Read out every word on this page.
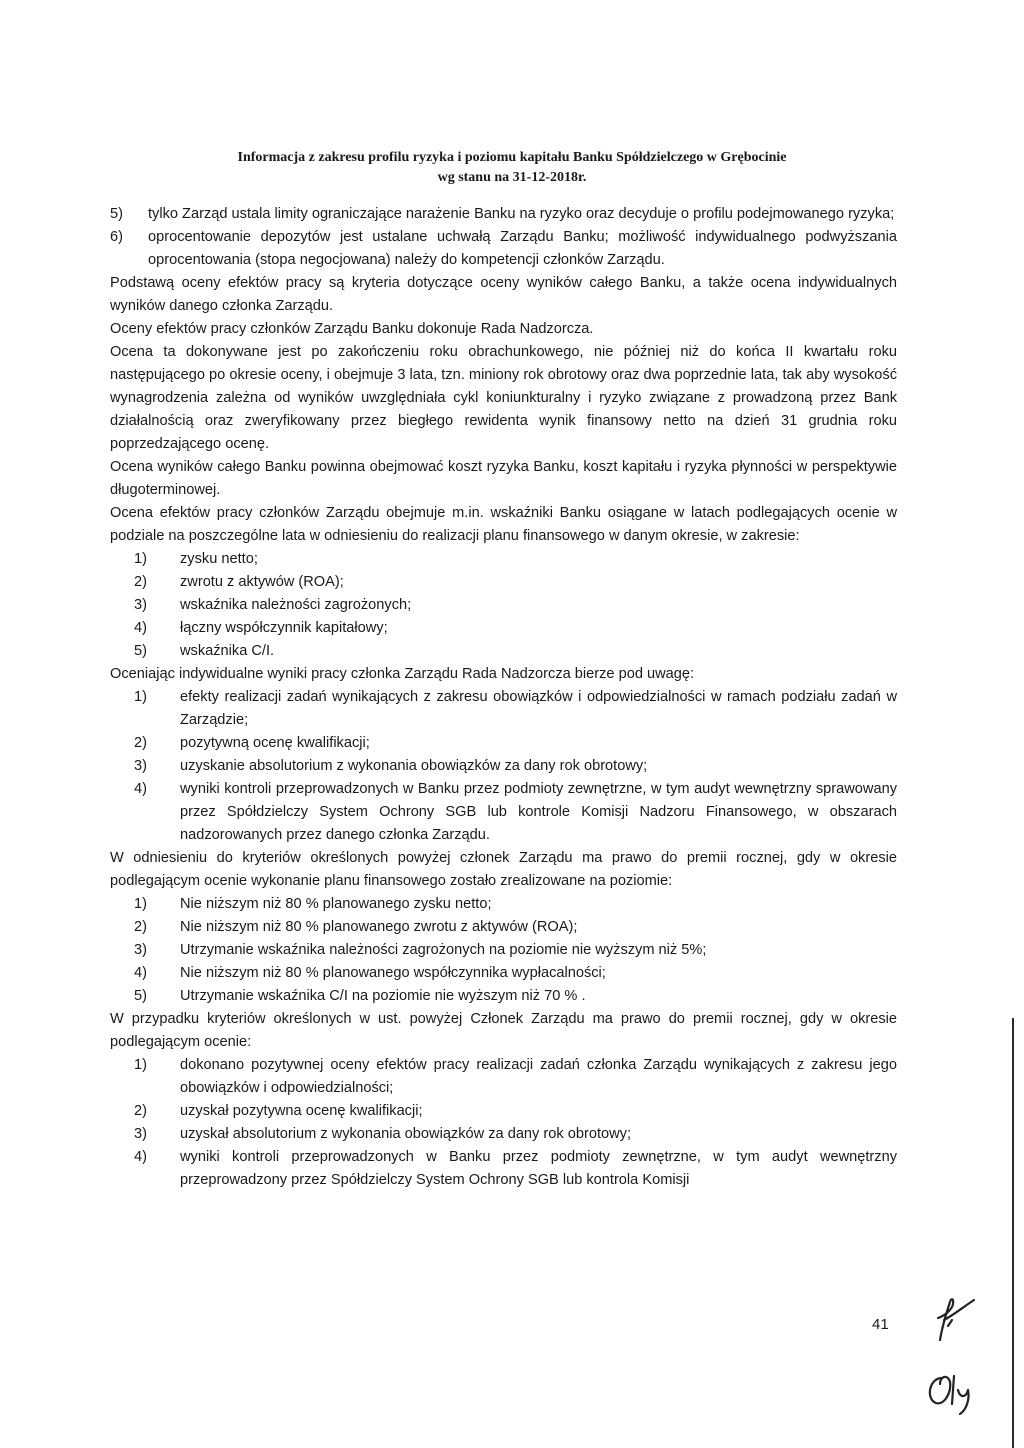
Informacja z zakresu profilu ryzyka i poziomu kapitału Banku Spółdzielczego w Grębocinie
wg stanu na 31-12-2018r.
5) tylko Zarząd ustala limity ograniczające narażenie Banku na ryzyko oraz decyduje o profilu podejmowanego ryzyka;
6) oprocentowanie depozytów jest ustalane uchwałą Zarządu Banku; możliwość indywidualnego podwyższania oprocentowania (stopa negocjowana) należy do kompetencji członków Zarządu.

Podstawą oceny efektów pracy są kryteria dotyczące oceny wyników całego Banku, a także ocena indywidualnych wyników danego członka Zarządu.

Oceny efektów pracy członków Zarządu Banku dokonuje Rada Nadzorcza.

Ocena ta dokonywane jest po zakończeniu roku obrachunkowego, nie później niż do końca II kwartału roku następującego po okresie oceny, i obejmuje 3 lata, tzn. miniony rok obrotowy oraz dwa poprzednie lata, tak aby wysokość wynagrodzenia zależna od wyników uwzględniała cykl koniunkturalny i ryzyko związane z prowadzoną przez Bank działalnością oraz zweryfikowany przez biegłego rewidenta wynik finansowy netto na dzień 31 grudnia roku poprzedzającego ocenę.

Ocena wyników całego Banku powinna obejmować koszt ryzyka Banku, koszt kapitału i ryzyka płynności w perspektywie długoterminowej.

Ocena efektów pracy członków Zarządu obejmuje m.in. wskaźniki Banku osiągane w latach podlegających ocenie w podziale na poszczególne lata w odniesieniu do realizacji planu finansowego w danym okresie, w zakresie:

1) zysku netto;
2) zwrotu z aktywów (ROA);
3) wskaźnika należności zagrożonych;
4) łączny współczynnik kapitałowy;
5) wskaźnika C/I.

Oceniając indywidualne wyniki pracy członka Zarządu Rada Nadzorcza bierze pod uwagę:

1) efekty realizacji zadań wynikających z zakresu obowiązków i odpowiedzialności w ramach podziału zadań w Zarządzie;
2) pozytywną ocenę kwalifikacji;
3) uzyskanie absolutorium z wykonania obowiązków za dany rok obrotowy;
4) wyniki kontroli przeprowadzonych w Banku przez podmioty zewnętrzne, w tym audyt wewnętrzny sprawowany przez Spółdzielczy System Ochrony SGB lub kontrole Komisji Nadzoru Finansowego, w obszarach nadzorowanych przez danego członka Zarządu.

W odniesieniu do kryteriów określonych powyżej członek Zarządu ma prawo do premii rocznej, gdy w okresie podlegającym ocenie wykonanie planu finansowego zostało zrealizowane na poziomie:

1) Nie niższym niż 80 % planowanego zysku netto;
2) Nie niższym niż 80 % planowanego zwrotu z aktywów (ROA);
3) Utrzymanie wskaźnika należności zagrożonych na poziomie nie wyższym niż 5%;
4) Nie niższym niż 80 % planowanego współczynnika wypłacalności;
5) Utrzymanie wskaźnika C/I na poziomie nie wyższym niż 70 % .

W przypadku kryteriów określonych w ust. powyżej Członek Zarządu ma prawo do premii rocznej, gdy w okresie podlegającym ocenie:

1) dokonano pozytywnej oceny efektów pracy realizacji zadań członka Zarządu wynikających z zakresu jego obowiązków i odpowiedzialności;
2) uzyskał pozytywna ocenę kwalifikacji;
3) uzyskał absolutorium z wykonania obowiązków za dany rok obrotowy;
4) wyniki kontroli przeprowadzonych w Banku przez podmioty zewnętrzne, w tym audyt wewnętrzny przeprowadzony przez Spółdzielczy System Ochrony SGB lub kontrola Komisji
41
